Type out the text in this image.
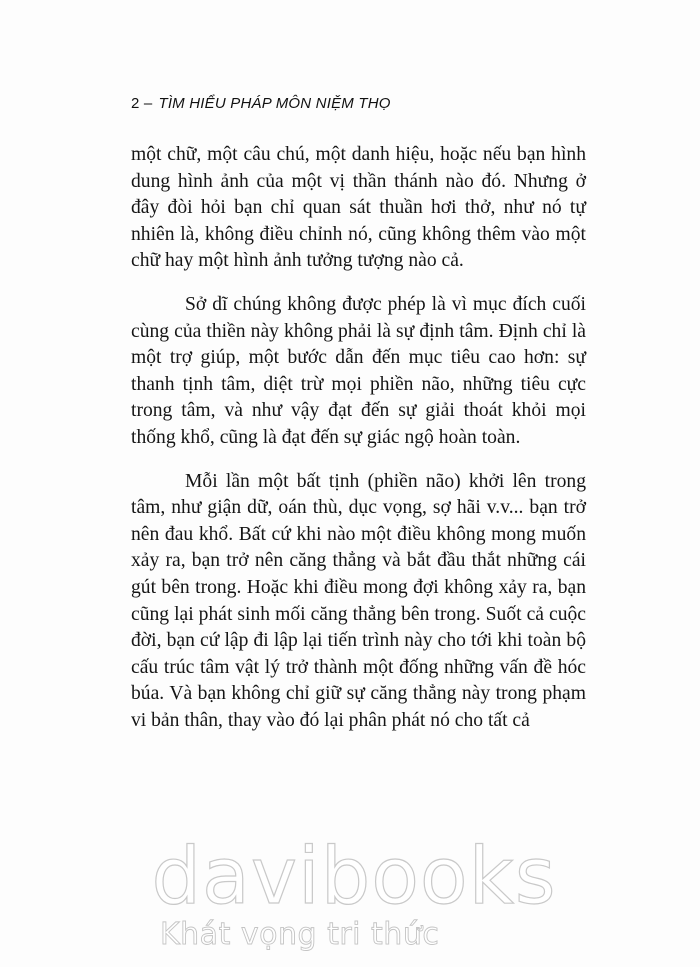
2 – TÌM HIỂU PHÁP MÔN NIỆM THỌ

một chữ, một câu chú, một danh hiệu, hoặc nếu bạn hình dung hình ảnh của một vị thần thánh nào đó. Nhưng ở đây đòi hỏi bạn chỉ quan sát thuần hơi thở, như nó tự nhiên là, không điều chỉnh nó, cũng không thêm vào một chữ hay một hình ảnh tưởng tượng nào cả.

Sở dĩ chúng không được phép là vì mục đích cuối cùng của thiền này không phải là sự định tâm. Định chỉ là một trợ giúp, một bước dẫn đến mục tiêu cao hơn: sự thanh tịnh tâm, diệt trừ mọi phiền não, những tiêu cực trong tâm, và như vậy đạt đến sự giải thoát khỏi mọi thống khổ, cũng là đạt đến sự giác ngộ hoàn toàn.

Mỗi lần một bất tịnh (phiền não) khởi lên trong tâm, như giận dữ, oán thù, dục vọng, sợ hãi v.v... bạn trở nên đau khổ. Bất cứ khi nào một điều không mong muốn xảy ra, bạn trở nên căng thẳng và bắt đầu thắt những cái gút bên trong. Hoặc khi điều mong đợi không xảy ra, bạn cũng lại phát sinh mối căng thẳng bên trong. Suốt cả cuộc đời, bạn cứ lập đi lập lại tiến trình này cho tới khi toàn bộ cấu trúc tâm vật lý trở thành một đống những vấn đề hóc búa. Và bạn không chỉ giữ sự căng thẳng này trong phạm vi bản thân, thay vào đó lại phân phát nó cho tất cả

davibooks
Khát vọng tri thức
